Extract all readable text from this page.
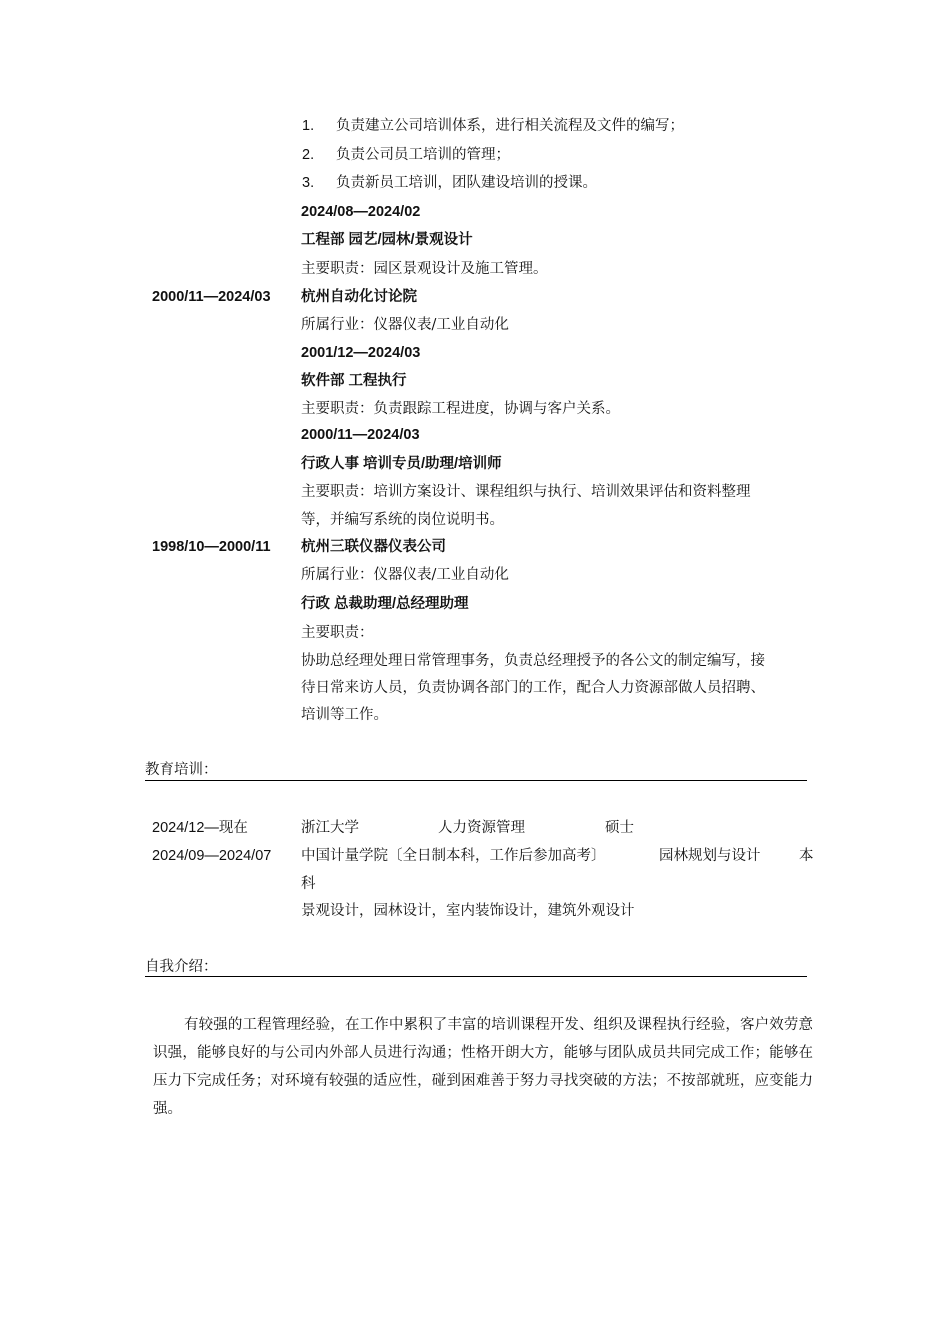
1. 负责建立公司培训体系，进行相关流程及文件的编写；
2. 负责公司员工培训的管理；
3. 负责新员工培训，团队建设培训的授课。
2024/08—2024/02
工程部 园艺/园林/景观设计
主要职责：园区景观设计及施工管理。
2000/11—2024/03 杭州自动化讨论院
所属行业：仪器仪表/工业自动化
2001/12—2024/03
软件部 工程执行
主要职责：负责跟踪工程进度，协调与客户关系。
2000/11—2024/03
行政人事 培训专员/助理/培训师
主要职责：培训方案设计、课程组织与执行、培训效果评估和资料整理
等，并编写系统的岗位说明书。
1998/10—2000/11 杭州三联仪器仪表公司
所属行业：仪器仪表/工业自动化
行政 总裁助理/总经理助理
主要职责：
协助总经理处理日常管理事务，负责总经理授予的各公文的制定编写，接
待日常来访人员，负责协调各部门的工作，配合人力资源部做人员招聘、
培训等工作。
教育培训：
2024/12—现在	浙江大学	人力资源管理	硕士
2024/09—2024/07 中国计量学院〔全日制本科，工作后参加高考〕	园林规划与设计	本
科
景观设计，园林设计，室内装饰设计，建筑外观设计
自我介绍：
有较强的工程管理经验，在工作中累积了丰富的培训课程开发、组织及课程执行经验，客户效劳意识强，能够良好的与公司内外部人员进行沟通；性格开朗大方，能够与团队成员共同完成工作；能够在压力下完成任务；对环境有较强的适应性，碰到困难善于努力寻找突破的方法；不按部就班，应变能力强。
